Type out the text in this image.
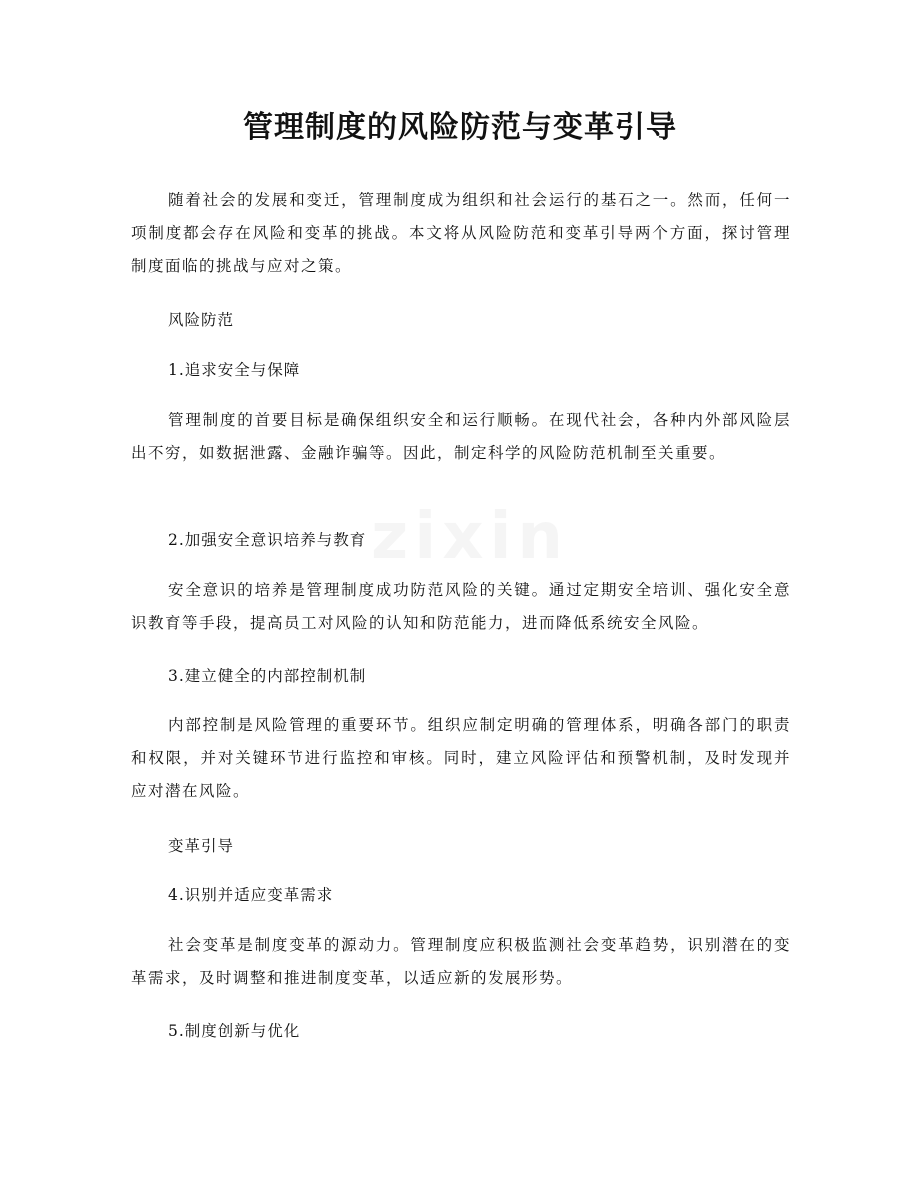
管理制度的风险防范与变革引导
随着社会的发展和变迁，管理制度成为组织和社会运行的基石之一。然而，任何一项制度都会存在风险和变革的挑战。本文将从风险防范和变革引导两个方面，探讨管理制度面临的挑战与应对之策。
风险防范
1.追求安全与保障
管理制度的首要目标是确保组织安全和运行顺畅。在现代社会，各种内外部风险层出不穷，如数据泄露、金融诈骗等。因此，制定科学的风险防范机制至关重要。
2.加强安全意识培养与教育
安全意识的培养是管理制度成功防范风险的关键。通过定期安全培训、强化安全意识教育等手段，提高员工对风险的认知和防范能力，进而降低系统安全风险。
3.建立健全的内部控制机制
内部控制是风险管理的重要环节。组织应制定明确的管理体系，明确各部门的职责和权限，并对关键环节进行监控和审核。同时，建立风险评估和预警机制，及时发现并应对潜在风险。
变革引导
4.识别并适应变革需求
社会变革是制度变革的源动力。管理制度应积极监测社会变革趋势，识别潜在的变革需求，及时调整和推进制度变革，以适应新的发展形势。
5.制度创新与优化
